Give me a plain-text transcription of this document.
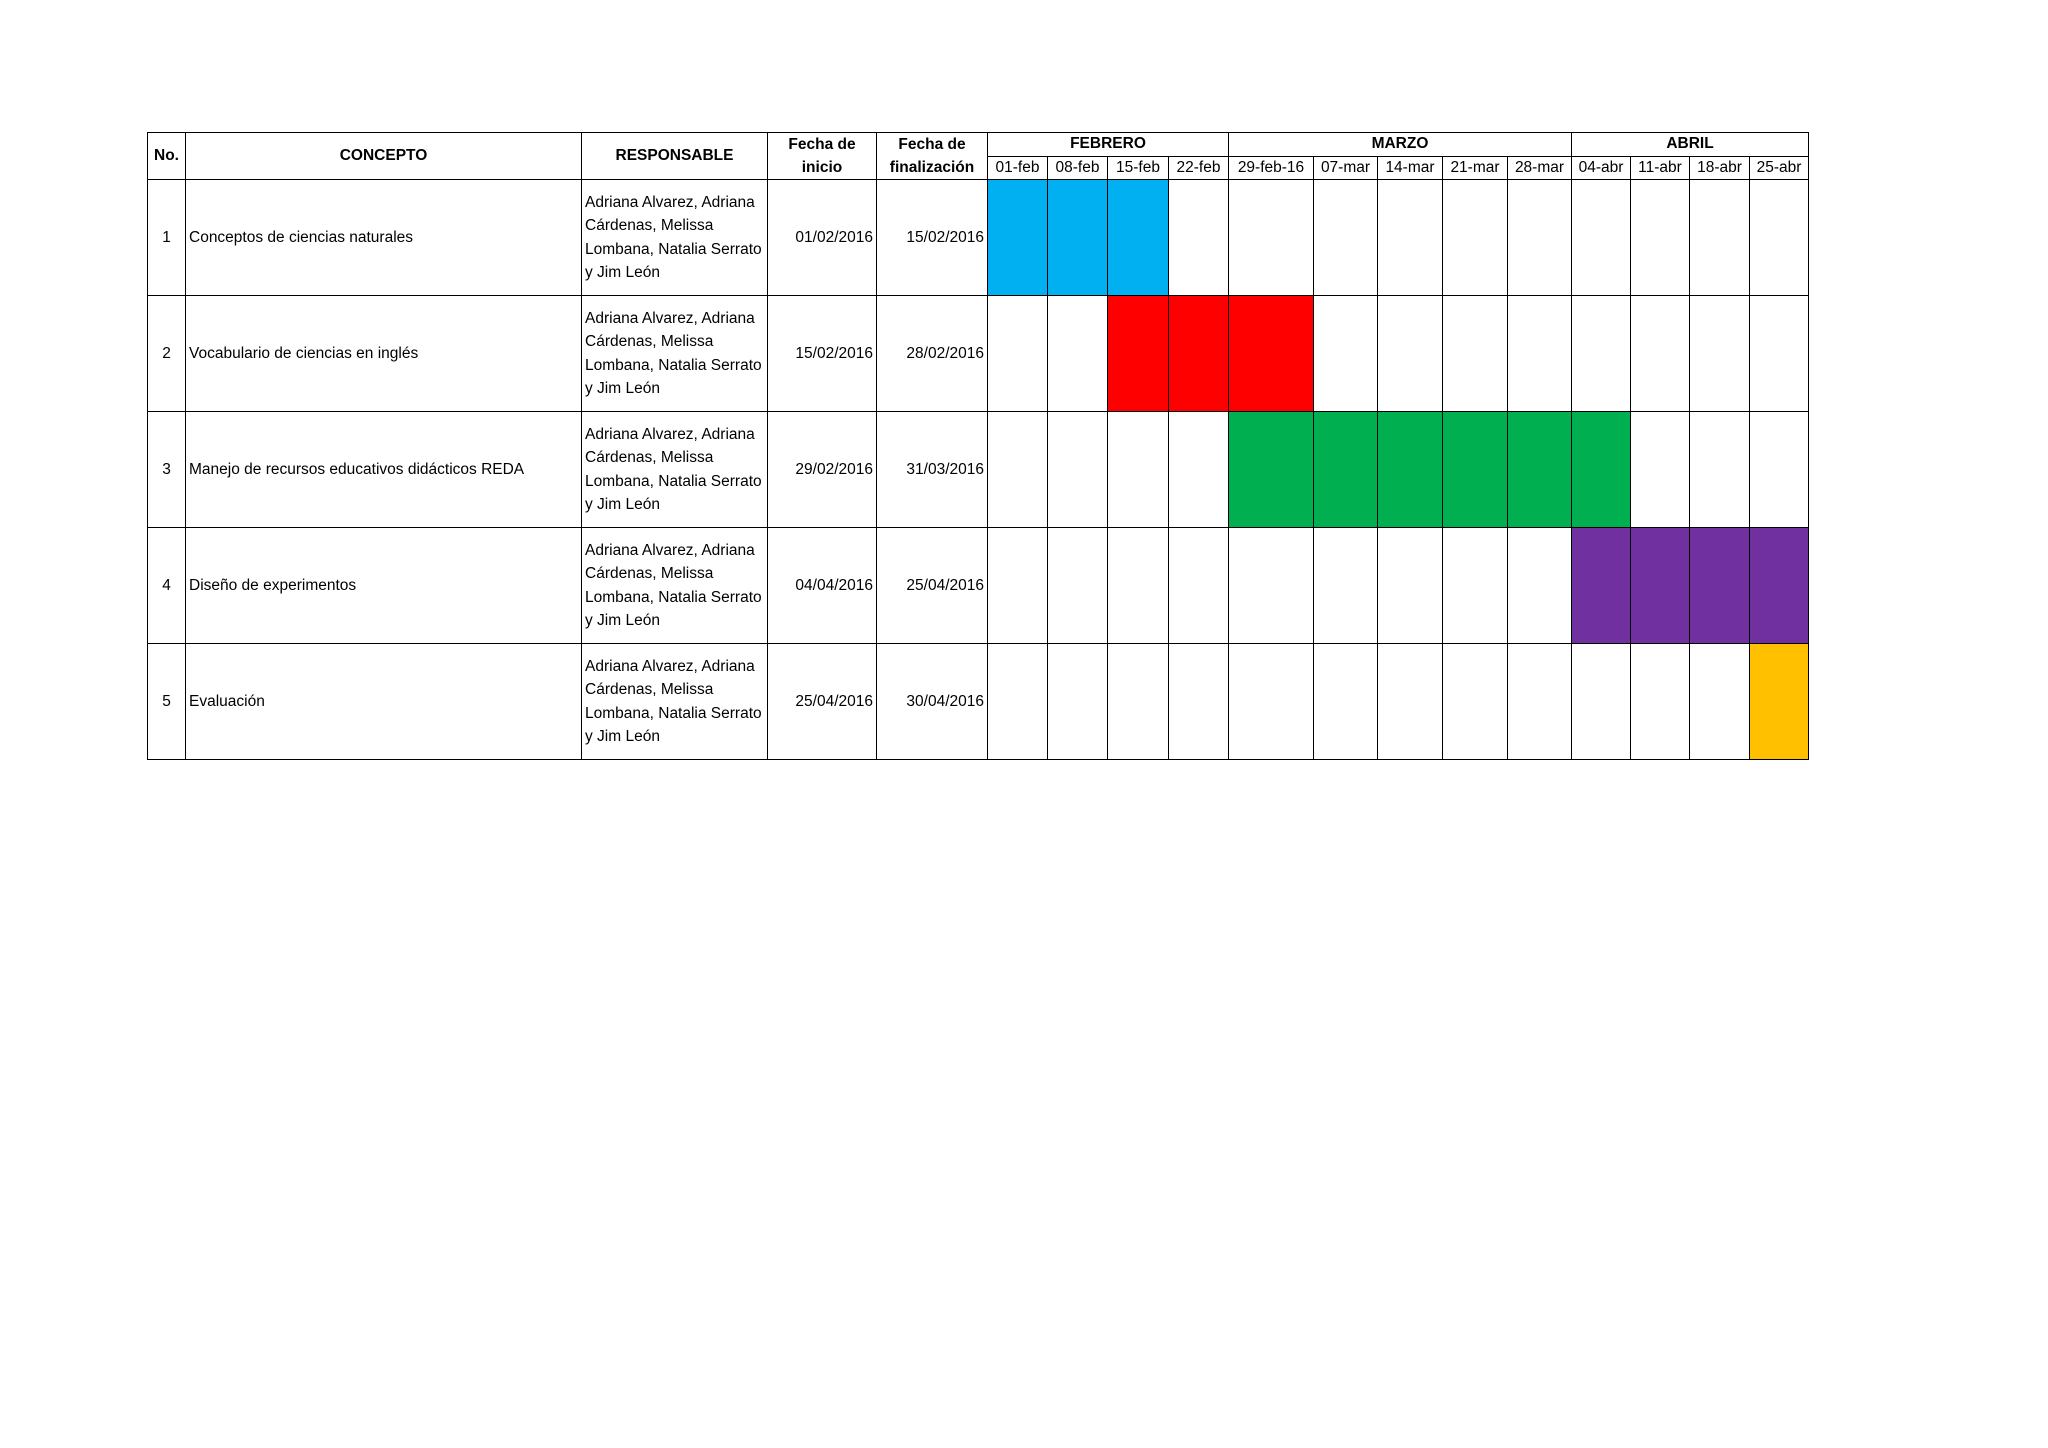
No.	CONCEPTO	RESPONSABLE	Fecha de inicio	Fecha de finalización	FEBRERO				MARZO					ABRIL			
					01-feb	08-feb	15-feb	22-feb	29-feb-16	07-mar	14-mar	21-mar	28-mar	04-abr	11-abr	18-abr	25-abr
1	Conceptos de ciencias naturales	Adriana Alvarez, Adriana Cárdenas, Melissa Lombana, Natalia Serrato y Jim León	01/02/2016	15/02/2016													
2	Vocabulario de ciencias en inglés	Adriana Alvarez, Adriana Cárdenas, Melissa Lombana, Natalia Serrato y Jim León	15/02/2016	28/02/2016													
3	Manejo de recursos educativos didácticos REDA	Adriana Alvarez, Adriana Cárdenas, Melissa Lombana, Natalia Serrato y Jim León	29/02/2016	31/03/2016													
4	Diseño de experimentos	Adriana Alvarez, Adriana Cárdenas, Melissa Lombana, Natalia Serrato y Jim León	04/04/2016	25/04/2016													
5	Evaluación	Adriana Alvarez, Adriana Cárdenas, Melissa Lombana, Natalia Serrato y Jim León	25/04/2016	30/04/2016													
